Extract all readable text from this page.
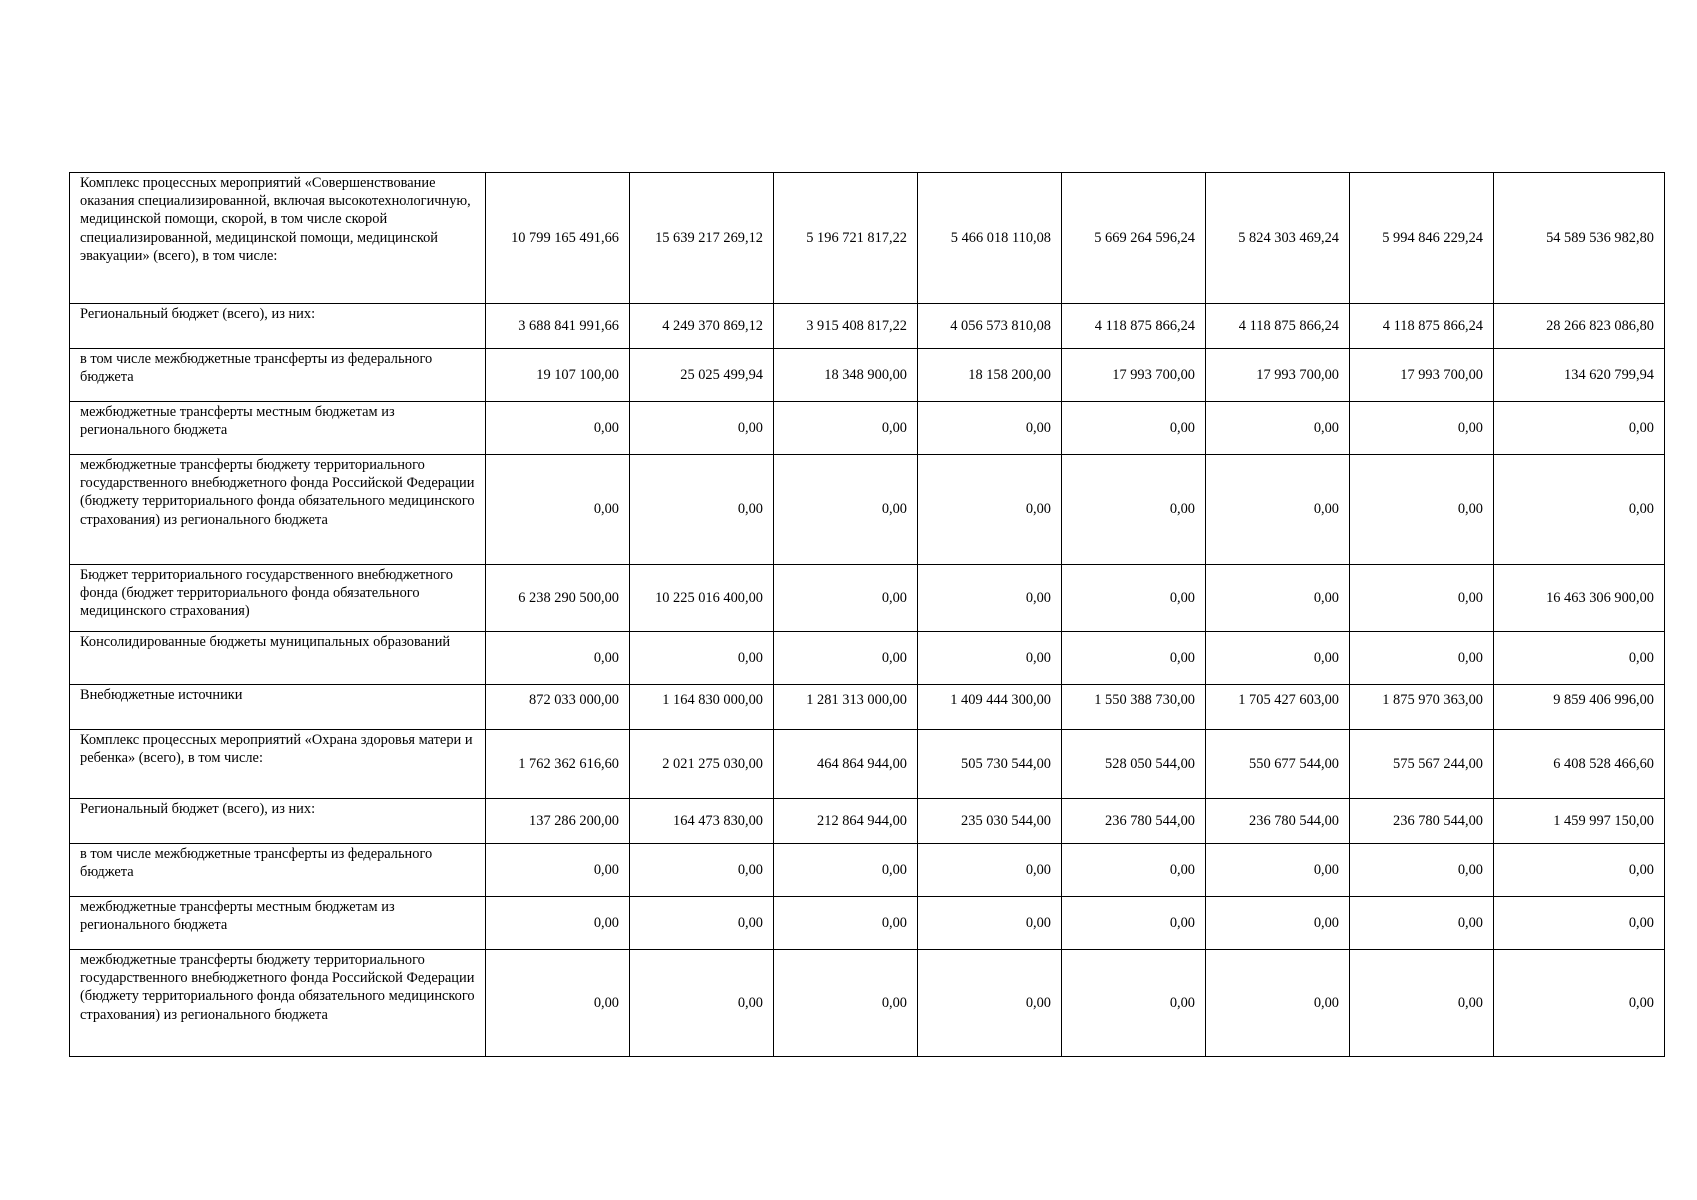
Комплекс процессных мероприятий «Совершенствование оказания специализированной, включая высокотехнологичную, медицинской помощи, скорой, в том числе скорой специализированной, медицинской помощи, медицинской эвакуации» (всего), в том числе:	10 799 165 491,66	15 639 217 269,12	5 196 721 817,22	5 466 018 110,08	5 669 264 596,24	5 824 303 469,24	5 994 846 229,24	54 589 536 982,80
Региональный бюджет (всего), из них:	3 688 841 991,66	4 249 370 869,12	3 915 408 817,22	4 056 573 810,08	4 118 875 866,24	4 118 875 866,24	4 118 875 866,24	28 266 823 086,80
в том числе межбюджетные трансферты из федерального бюджета	19 107 100,00	25 025 499,94	18 348 900,00	18 158 200,00	17 993 700,00	17 993 700,00	17 993 700,00	134 620 799,94
межбюджетные трансферты местным бюджетам из регионального бюджета	0,00	0,00	0,00	0,00	0,00	0,00	0,00	0,00
межбюджетные трансферты бюджету территориального государственного внебюджетного фонда Российской Федерации (бюджету территориального фонда обязательного медицинского страхования) из регионального бюджета	0,00	0,00	0,00	0,00	0,00	0,00	0,00	0,00
Бюджет территориального государственного внебюджетного фонда (бюджет территориального фонда обязательного медицинского страхования)	6 238 290 500,00	10 225 016 400,00	0,00	0,00	0,00	0,00	0,00	16 463 306 900,00
Консолидированные бюджеты муниципальных образований	0,00	0,00	0,00	0,00	0,00	0,00	0,00	0,00
Внебюджетные источники	872 033 000,00	1 164 830 000,00	1 281 313 000,00	1 409 444 300,00	1 550 388 730,00	1 705 427 603,00	1 875 970 363,00	9 859 406 996,00
Комплекс процессных мероприятий «Охрана здоровья матери и ребенка» (всего), в том числе:	1 762 362 616,60	2 021 275 030,00	464 864 944,00	505 730 544,00	528 050 544,00	550 677 544,00	575 567 244,00	6 408 528 466,60
Региональный бюджет (всего), из них:	137 286 200,00	164 473 830,00	212 864 944,00	235 030 544,00	236 780 544,00	236 780 544,00	236 780 544,00	1 459 997 150,00
в том числе межбюджетные трансферты из федерального бюджета	0,00	0,00	0,00	0,00	0,00	0,00	0,00	0,00
межбюджетные трансферты местным бюджетам из регионального бюджета	0,00	0,00	0,00	0,00	0,00	0,00	0,00	0,00
межбюджетные трансферты бюджету территориального государственного внебюджетного фонда Российской Федерации (бюджету территориального фонда обязательного медицинского страхования) из регионального бюджета	0,00	0,00	0,00	0,00	0,00	0,00	0,00	0,00
